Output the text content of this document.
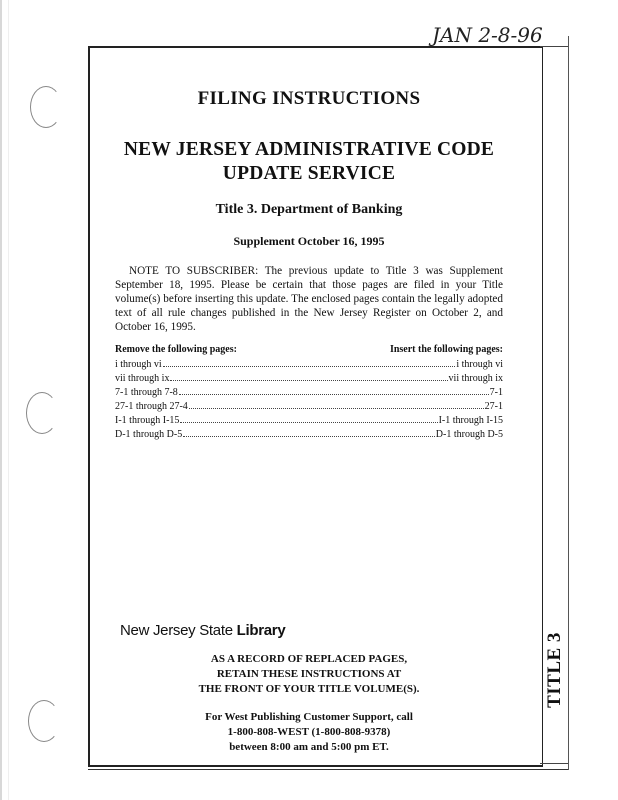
JAN 2-8-96
TITLE 3
FILING INSTRUCTIONS
NEW JERSEY ADMINISTRATIVE CODE
UPDATE SERVICE
Title 3. Department of Banking
Supplement October 16, 1995
NOTE TO SUBSCRIBER: The previous update to Title 3 was Supplement September 18, 1995. Please be certain that those pages are filed in your Title volume(s) before inserting this update. The enclosed pages contain the legally adopted text of all rule changes published in the New Jersey Register on October 2, and October 16, 1995.
Remove the following pages:	Insert the following pages:
i through vi	i through vi
vii through ix	vii through ix
7-1 through 7-8	7-1
27-1 through 27-4	27-1
I-1 through I-15	I-1 through I-15
D-1 through D-5	D-1 through D-5
New Jersey State Library
AS A RECORD OF REPLACED PAGES,
RETAIN THESE INSTRUCTIONS AT
THE FRONT OF YOUR TITLE VOLUME(S).
For West Publishing Customer Support, call
1-800-808-WEST (1-800-808-9378)
between 8:00 am and 5:00 pm ET.
